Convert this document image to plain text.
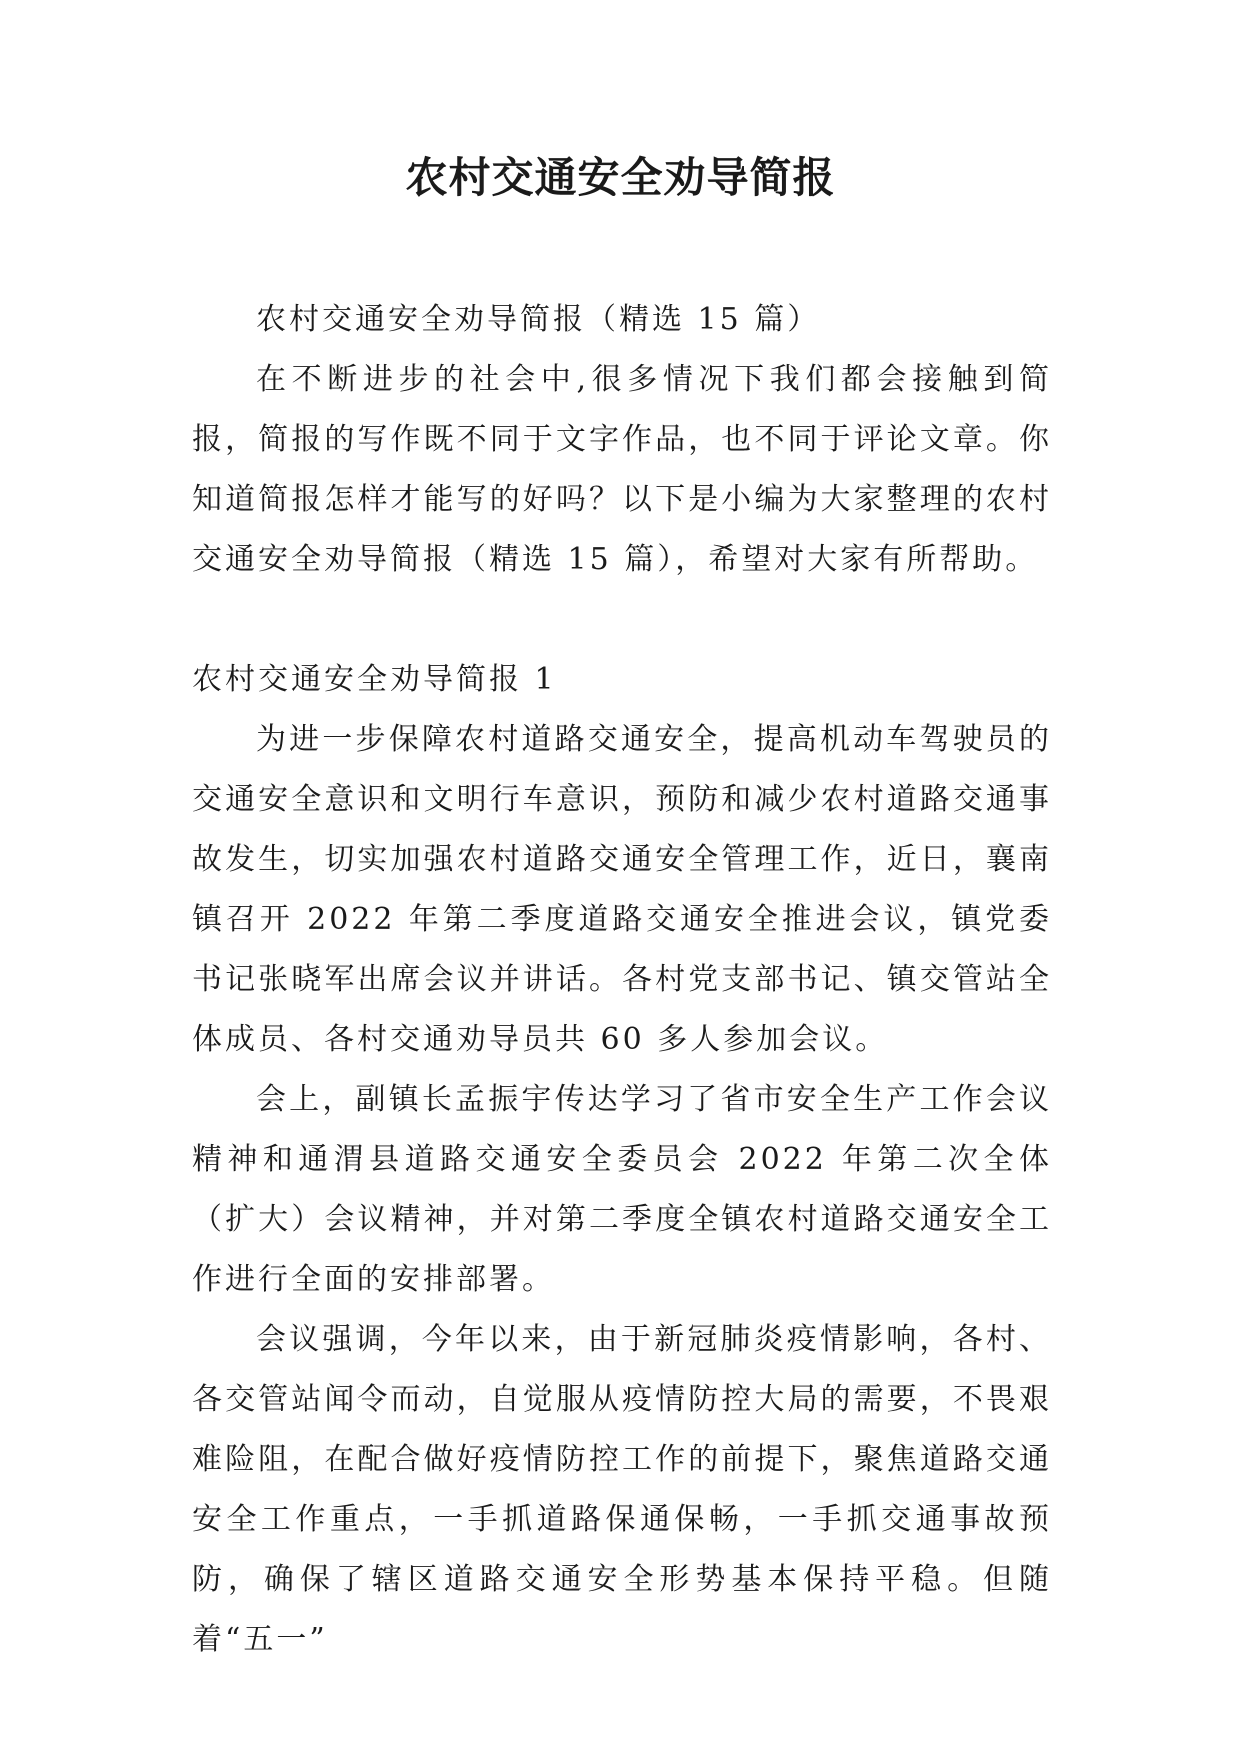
农村交通安全劝导简报

农村交通安全劝导简报（精选 15 篇）

在不断进步的社会中,很多情况下我们都会接触到简报，简报的写作既不同于文字作品，也不同于评论文章。你知道简报怎样才能写的好吗？以下是小编为大家整理的农村交通安全劝导简报（精选 15 篇），希望对大家有所帮助。

农村交通安全劝导简报 1

为进一步保障农村道路交通安全，提高机动车驾驶员的交通安全意识和文明行车意识，预防和减少农村道路交通事故发生，切实加强农村道路交通安全管理工作，近日，襄南镇召开 2022 年第二季度道路交通安全推进会议，镇党委书记张晓军出席会议并讲话。各村党支部书记、镇交管站全体成员、各村交通劝导员共 60 多人参加会议。

会上，副镇长孟振宇传达学习了省市安全生产工作会议精神和通渭县道路交通安全委员会 2022 年第二次全体（扩大）会议精神，并对第二季度全镇农村道路交通安全工作进行全面的安排部署。

会议强调，今年以来，由于新冠肺炎疫情影响，各村、各交管站闻令而动，自觉服从疫情防控大局的需要，不畏艰难险阻，在配合做好疫情防控工作的前提下，聚焦道路交通安全工作重点，一手抓道路保通保畅，一手抓交通事故预防，确保了辖区道路交通安全形势基本保持平稳。但随着“五一”
